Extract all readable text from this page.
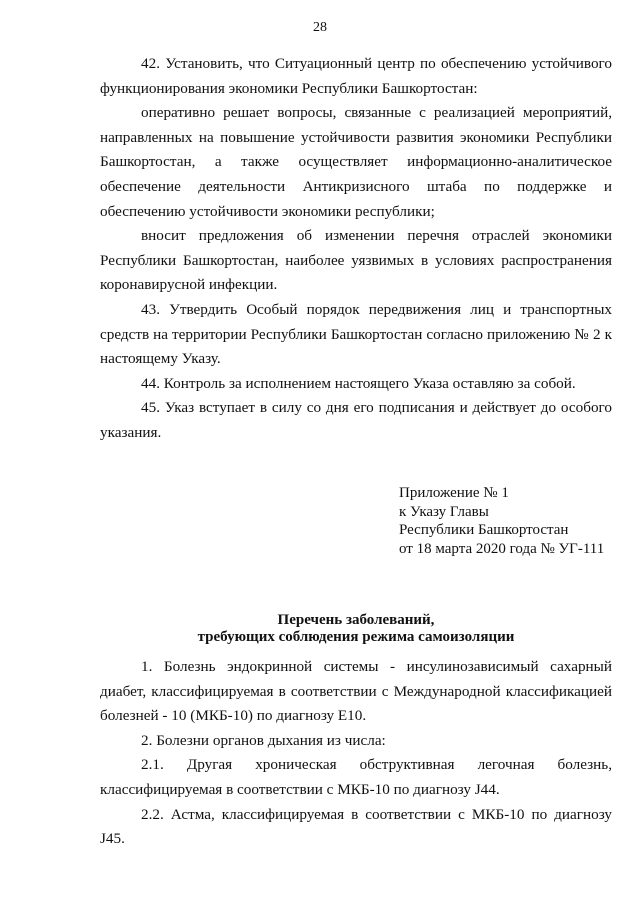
28

42. Установить, что Ситуационный центр по обеспечению устойчивого функционирования экономики Республики Башкортостан:

оперативно решает вопросы, связанные с реализацией мероприятий, направленных на повышение устойчивости развития экономики Республики Башкортостан, а также осуществляет информационно-аналитическое обеспечение деятельности Антикризисного штаба по поддержке и обеспечению устойчивости экономики республики;

вносит предложения об изменении перечня отраслей экономики Республики Башкортостан, наиболее уязвимых в условиях распространения коронавирусной инфекции.

43. Утвердить Особый порядок передвижения лиц и транспортных средств на территории Республики Башкортостан согласно приложению № 2 к настоящему Указу.

44. Контроль за исполнением настоящего Указа оставляю за собой.

45. Указ вступает в силу со дня его подписания и действует до особого указания.

Приложение № 1
к Указу Главы
Республики Башкортостан
от 18 марта 2020 года № УГ-111
Перечень заболеваний,
требующих соблюдения режима самоизоляции

1. Болезнь эндокринной системы - инсулинозависимый сахарный диабет, классифицируемая в соответствии с Международной классификацией болезней - 10 (МКБ-10) по диагнозу E10.

2. Болезни органов дыхания из числа:

2.1. Другая хроническая обструктивная легочная болезнь, классифицируемая в соответствии с МКБ-10 по диагнозу J44.

2.2. Астма, классифицируемая в соответствии с МКБ-10 по диагнозу J45.
